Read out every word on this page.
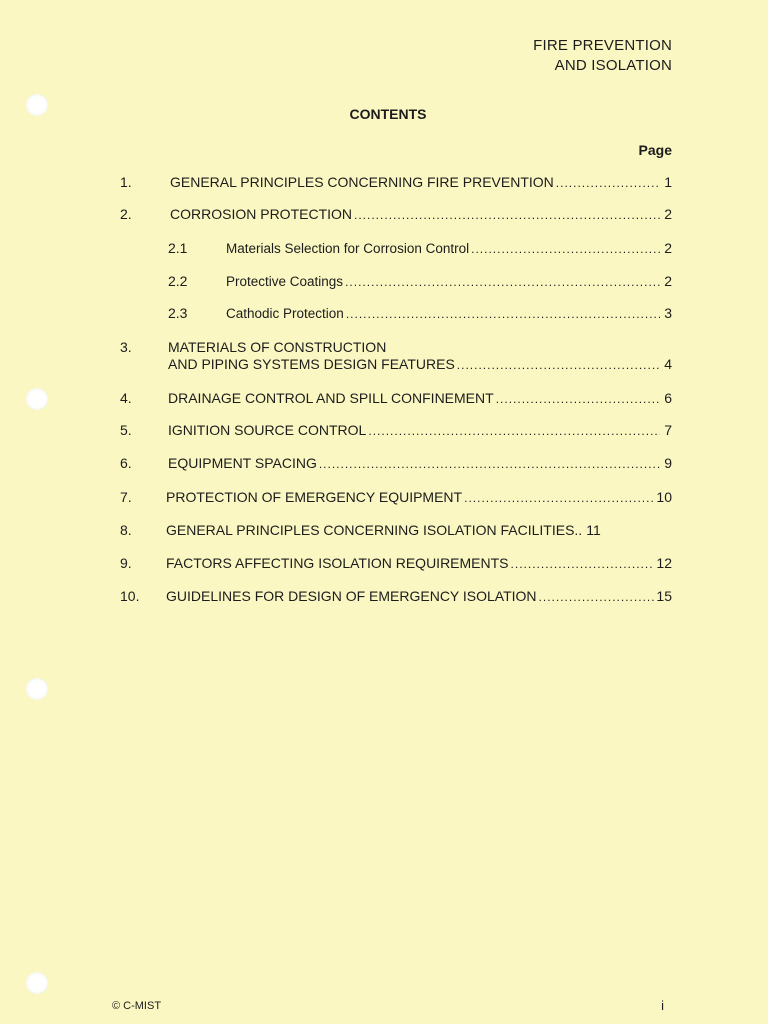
FIRE PREVENTION
AND ISOLATION
CONTENTS
Page
1.	GENERAL PRINCIPLES CONCERNING FIRE PREVENTION .....	1
2.	CORROSION PROTECTION .....	2
2.1	Materials Selection for Corrosion Control .....	2
2.2	Protective Coatings .....	2
2.3	Cathodic Protection .....	3
3.	MATERIALS OF CONSTRUCTION
AND PIPING SYSTEMS DESIGN FEATURES .....	4
4.	DRAINAGE CONTROL AND SPILL CONFINEMENT .....	6
5.	IGNITION SOURCE CONTROL .....	7
6.	EQUIPMENT SPACING .....	9
7. PROTECTION OF EMERGENCY EQUIPMENT .....	10
8. GENERAL PRINCIPLES CONCERNING ISOLATION FACILITIES.. 11
9. FACTORS AFFECTING ISOLATION REQUIREMENTS .....	12
10. GUIDELINES FOR DESIGN OF EMERGENCY ISOLATION .....	15
© C-MIST	i
